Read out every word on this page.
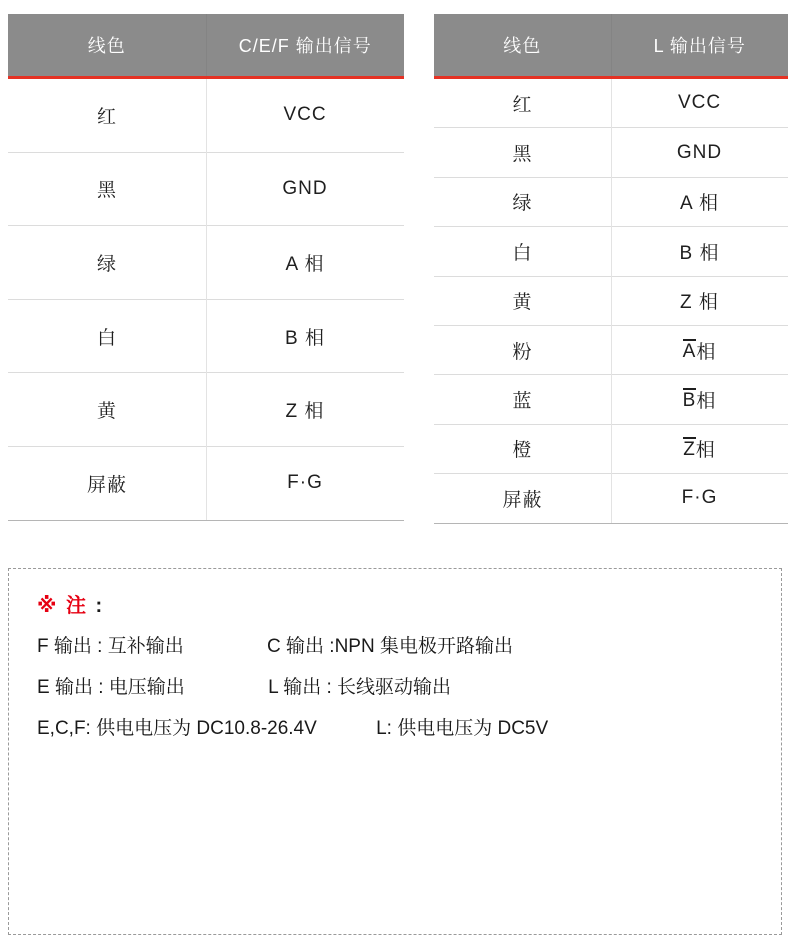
线色	C/E/F 输出信号
红	VCC
黑	GND
绿	A 相
白	B 相
黄	Z 相
屏蔽	F·G
线色	L 输出信号
红	VCC
黑	GND
绿	A 相
白	B 相
黄	Z 相
粉	A 相
蓝	B 相
橙	Z 相
屏蔽	F·G
※ 注 :
F 输出 : 互补输出	C 输出 :NPN 集电极开路输出
E 输出 : 电压输出	L 输出 : 长线驱动输出
E,C,F: 供电电压为 DC10.8-26.4V	L: 供电电压为 DC5V
